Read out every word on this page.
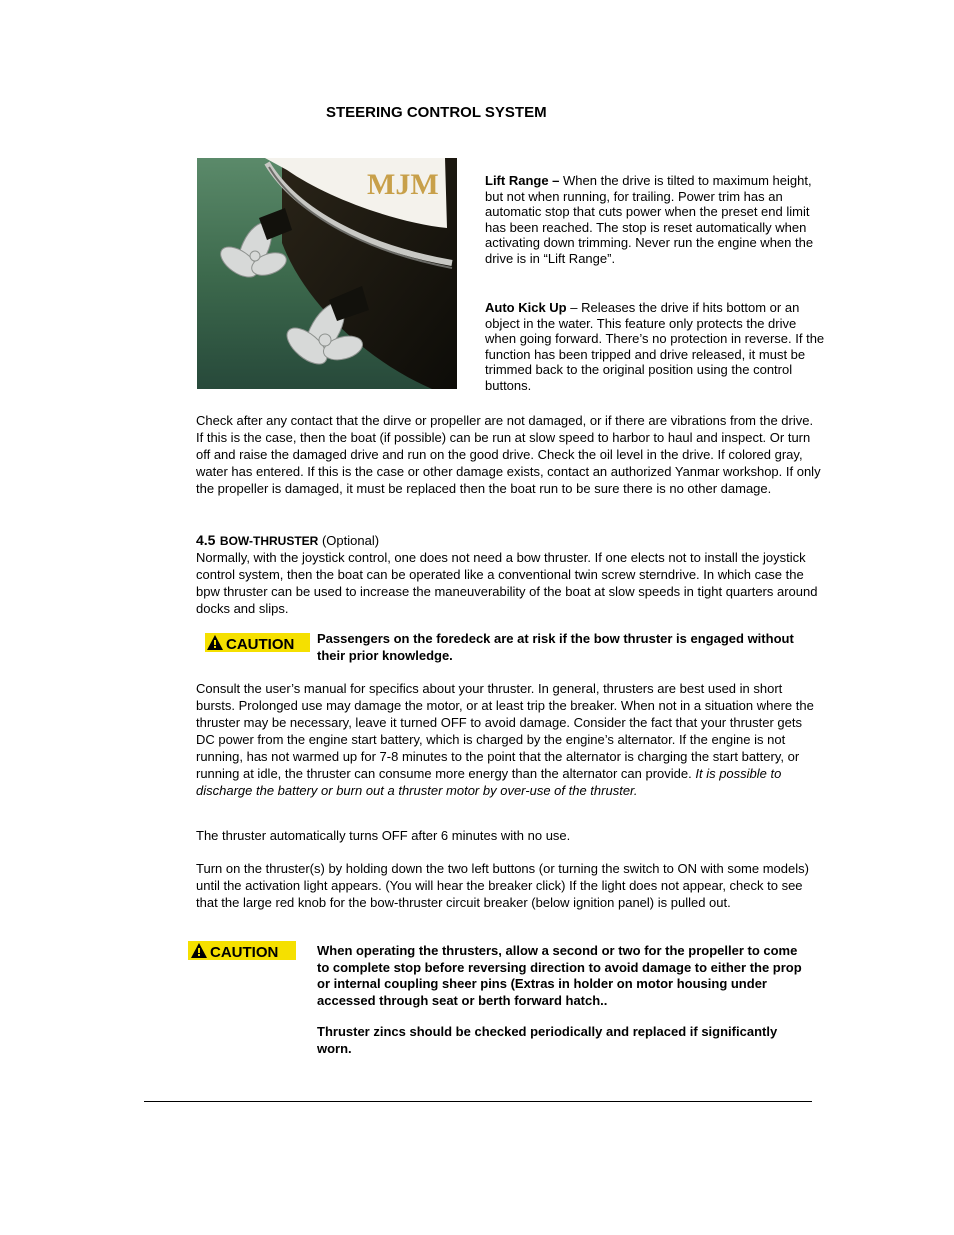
STEERING CONTROL SYSTEM
MJM	Lift Range – When the drive is tilted to maximum height, but not when running, for trailing. Power trim has an automatic stop that cuts power when the preset end limit has been reached. The stop is reset automatically when activating down trimming. Never run the engine when the drive is in “Lift Range”.
Auto Kick Up – Releases the drive if hits bottom or an object in the water. This feature only protects the drive when going forward. There’s no protection in reverse. If the function has been tripped and drive released, it must be trimmed back to the original position using the control buttons.
Check after any contact that the dirve or propeller are not damaged, or if there are vibrations from the drive. If this is the case, then the boat (if possible) can be run at slow speed to harbor to haul and inspect. Or turn off and raise the damaged drive and run on the good drive. Check the oil level in the drive. If colored gray, water has entered. If this is the case or other damage exists, contact an authorized Yanmar workshop. If only the propeller is damaged, it must be replaced then the boat run to be sure there is no other damage.
4.5 BOW-THRUSTER (Optional)
Normally, with the joystick control, one does not need a bow thruster. If one elects not to install the joystick control system, then the boat can be operated like a conventional twin screw sterndrive. In which case the bpw thruster can be used to increase the maneuverability of the boat at slow speeds in tight quarters around docks and slips.
CAUTION Passengers on the foredeck are at risk if the bow thruster is engaged without their prior knowledge.
Consult the user’s manual for specifics about your thruster. In general, thrusters are best used in short bursts. Prolonged use may damage the motor, or at least trip the breaker. When not in a situation where the thruster may be necessary, leave it turned OFF to avoid damage. Consider the fact that your thruster gets DC power from the engine start battery, which is charged by the engine’s alternator. If the engine is not running, has not warmed up for 7-8 minutes to the point that the alternator is charging the start battery, or running at idle, the thruster can consume more energy than the alternator can provide. It is possible to discharge the battery or burn out a thruster motor by over-use of the thruster.
The thruster automatically turns OFF after 6 minutes with no use.
Turn on the thruster(s) by holding down the two left buttons (or turning the switch to ON with some models) until the activation light appears. (You will hear the breaker click) If the light does not appear, check to see that the large red knob for the bow-thruster circuit breaker (below ignition panel) is pulled out.
CAUTION	When operating the thrusters, allow a second or two for the propeller to come to complete stop before reversing direction to avoid damage to either the prop or internal coupling sheer pins (Extras in holder on motor housing under accessed through seat or berth forward hatch..
Thruster zincs should be checked periodically and replaced if significantly worn.
